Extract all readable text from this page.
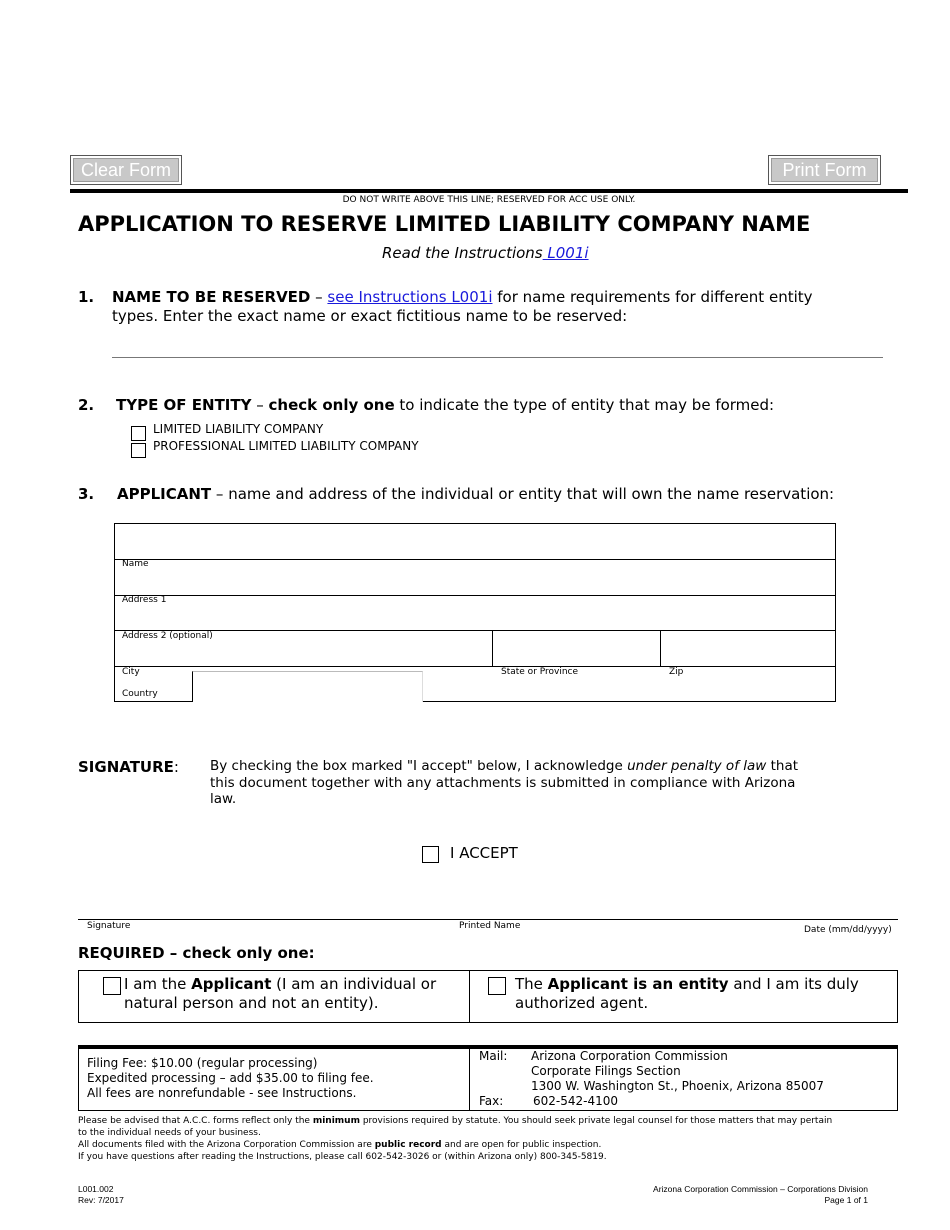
Clear Form	Print Form
DO NOT WRITE ABOVE THIS LINE; RESERVED FOR ACC USE ONLY.
APPLICATION TO RESERVE LIMITED LIABILITY COMPANY NAME
Read the Instructions L001i
1. NAME TO BE RESERVED – see Instructions L001i for name requirements for different entity
types. Enter the exact name or exact fictitious name to be reserved:
2. TYPE OF ENTITY – check only one to indicate the type of entity that may be formed:
LIMITED LIABILITY COMPANY
PROFESSIONAL LIMITED LIABILITY COMPANY
3. APPLICANT – name and address of the individual or entity that will own the name reservation:
Name
Address 1
Address 2 (optional)
City	State or Province	Zip
Country
SIGNATURE: By checking the box marked "I accept" below, I acknowledge under penalty of law that
this document together with any attachments is submitted in compliance with Arizona
law.
I ACCEPT
Signature	Printed Name	Date (mm/dd/yyyy)
REQUIRED – check only one:
I am the Applicant (I am an individual or
natural person and not an entity).
The Applicant is an entity and I am its duly
authorized agent.
Filing Fee: $10.00 (regular processing)
Expedited processing – add $35.00 to filing fee.
All fees are nonrefundable - see Instructions.
Mail: Arizona Corporation Commission
Corporate Filings Section
1300 W. Washington St., Phoenix, Arizona 85007
Fax: 602-542-4100
Please be advised that A.C.C. forms reflect only the minimum provisions required by statute. You should seek private legal counsel for those matters that may pertain
to the individual needs of your business.
All documents filed with the Arizona Corporation Commission are public record and are open for public inspection.
If you have questions after reading the Instructions, please call 602-542-3026 or (within Arizona only) 800-345-5819.
L001.002
Rev: 7/2017
Arizona Corporation Commission – Corporations Division
Page 1 of 1
